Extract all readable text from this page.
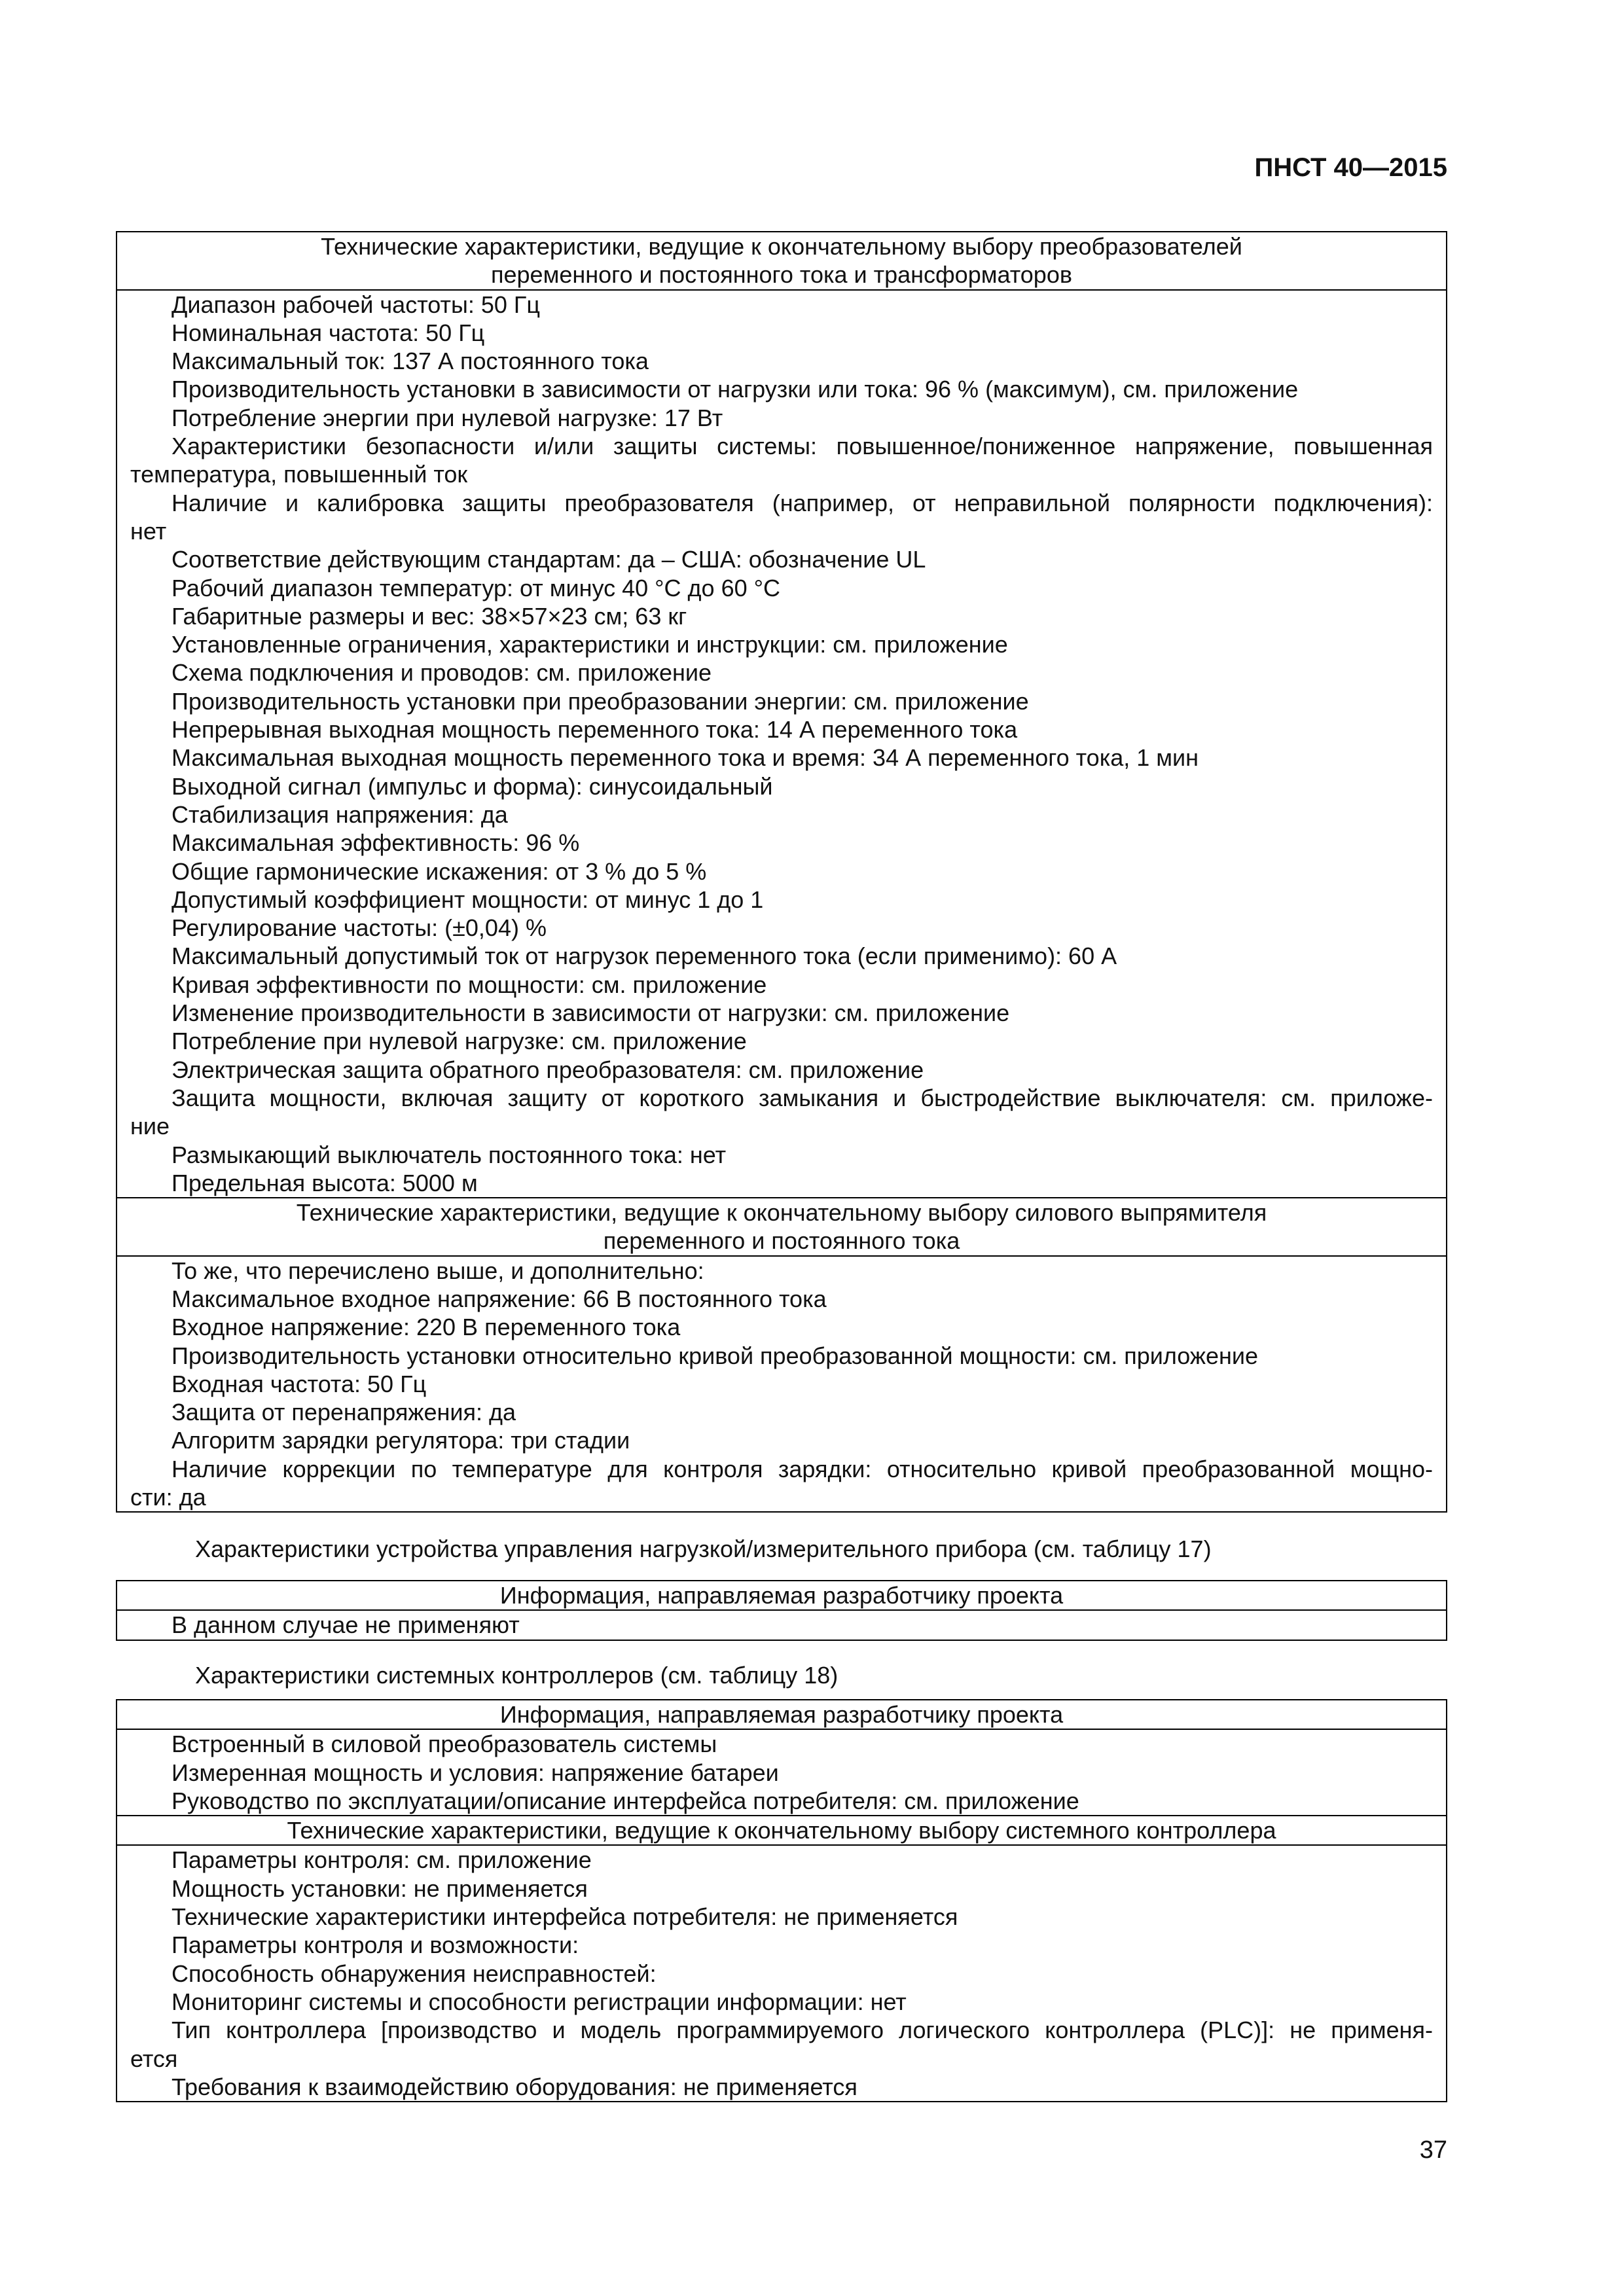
ПНСТ 40—2015
Технические характеристики, ведущие к окончательному выбору преобразователей
переменного и постоянного тока и трансформаторов
Диапазон рабочей частоты: 50 Гц
Номинальная частота: 50 Гц
Максимальный ток: 137 А постоянного тока
Производительность установки в зависимости от нагрузки или тока: 96 % (максимум), см. приложение
Потребление энергии при нулевой нагрузке: 17 Вт
Характеристики безопасности и/или защиты системы: повышенное/пониженное напряжение, повышенная
температура, повышенный ток
Наличие и калибровка защиты преобразователя (например, от неправильной полярности подключения):
нет
Соответствие действующим стандартам: да – США: обозначение UL
Рабочий диапазон температур: от минус 40 °С до 60 °С
Габаритные размеры и вес: 38×57×23 см; 63 кг
Установленные ограничения, характеристики и инструкции: см. приложение
Схема подключения и проводов: см. приложение
Производительность установки при преобразовании энергии: см. приложение
Непрерывная выходная мощность переменного тока: 14 А переменного тока
Максимальная выходная мощность переменного тока и время: 34 А переменного тока, 1 мин
Выходной сигнал (импульс и форма): синусоидальный
Стабилизация напряжения: да
Максимальная эффективность: 96 %
Общие гармонические искажения: от 3 % до 5 %
Допустимый коэффициент мощности: от минус 1 до 1
Регулирование частоты: (±0,04) %
Максимальный допустимый ток от нагрузок переменного тока (если применимо): 60 А
Кривая эффективности по мощности: см. приложение
Изменение производительности в зависимости от нагрузки: см. приложение
Потребление при нулевой нагрузке: см. приложение
Электрическая защита обратного преобразователя: см. приложение
Защита мощности, включая защиту от короткого замыкания и быстродействие выключателя: см. приложе-
ние
Размыкающий выключатель постоянного тока: нет
Предельная высота: 5000 м
Технические характеристики, ведущие к окончательному выбору силового выпрямителя
переменного и постоянного тока
То же, что перечислено выше, и дополнительно:
Максимальное входное напряжение: 66 В постоянного тока
Входное напряжение: 220 В переменного тока
Производительность установки относительно кривой преобразованной мощности: см. приложение
Входная частота: 50 Гц
Защита от перенапряжения: да
Алгоритм зарядки регулятора: три стадии
Наличие коррекции по температуре для контроля зарядки: относительно кривой преобразованной мощно-
сти: да
Характеристики устройства управления нагрузкой/измерительного прибора (см. таблицу 17)
Информация, направляемая разработчику проекта
В данном случае не применяют
Характеристики системных контроллеров (см. таблицу 18)
Информация, направляемая разработчику проекта
Встроенный в силовой преобразователь системы
Измеренная мощность и условия: напряжение батареи
Руководство по эксплуатации/описание интерфейса потребителя: см. приложение
Технические характеристики, ведущие к окончательному выбору системного контроллера
Параметры контроля: см. приложение
Мощность установки: не применяется
Технические характеристики интерфейса потребителя: не применяется
Параметры контроля и возможности:
Способность обнаружения неисправностей:
Мониторинг системы и способности регистрации информации: нет
Тип контроллера [производство и модель программируемого логического контроллера (PLC)]: не применя-
ется
Требования к взаимодействию оборудования: не применяется
37
